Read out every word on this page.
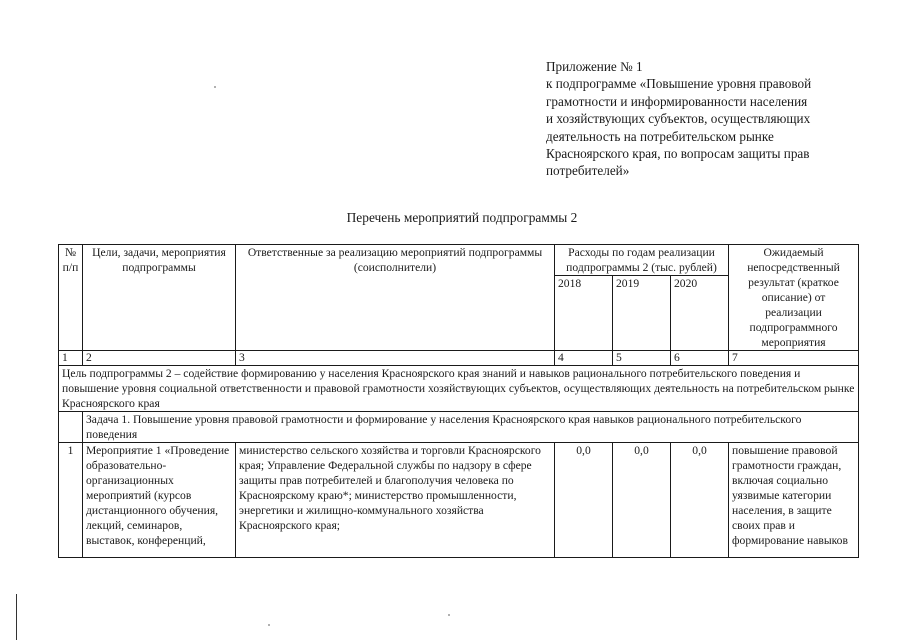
Приложение № 1
к подпрограмме «Повышение уровня правовой
грамотности и информированности населения
и хозяйствующих субъектов, осуществляющих
деятельность на потребительском рынке
Красноярского края, по вопросам защиты прав
потребителей»
Перечень мероприятий подпрограммы 2
№ п/п	Цели, задачи, мероприятия подпрограммы	Ответственные за реализацию мероприятий подпрограммы (соисполнители)	Расходы по годам реализации подпрограммы 2 (тыс. рублей)			Ожидаемый непосредственный результат (краткое описание) от реализации подпрограммного мероприятия
			2018	2019	2020	
1	2	3	4	5	6	7
Цель подпрограммы 2 – содействие формированию у населения Красноярского края знаний и навыков рационального потребительского поведения и повышение уровня социальной ответственности и правовой грамотности хозяйствующих субъектов, осуществляющих деятельность на потребительском рынке Красноярского края						
	Задача 1. Повышение уровня правовой грамотности и формирование у населения Красноярского края навыков рационального потребительского поведения					
1	Мероприятие 1 «Проведение образовательно-организационных мероприятий (курсов дистанционного обучения, лекций, семинаров, выставок, конференций,	министерство сельского хозяйства и торговли Красноярского края; Управление Федеральной службы по надзору в сфере защиты прав потребителей и благополучия человека по Красноярскому краю*; министерство промышленности, энергетики и жилищно-коммунального хозяйства Красноярского края;	0,0	0,0	0,0	повышение правовой грамотности граждан, включая социально уязвимые категории населения, в защите своих прав и формирование навыков
